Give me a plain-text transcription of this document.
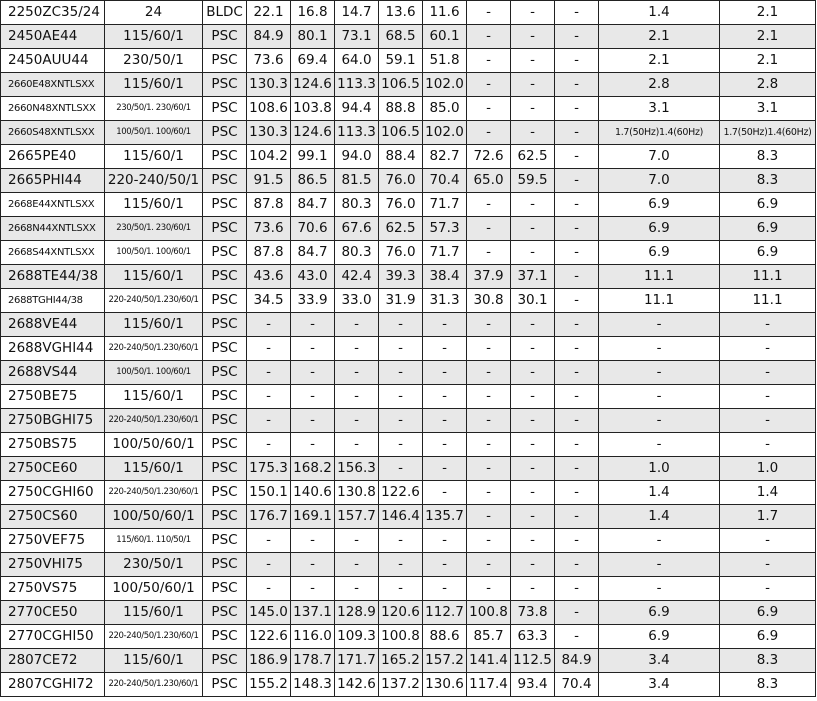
2250ZC35/24	24	BLDC	22.1	16.8	14.7	13.6	11.6	-	-	-	1.4	2.1
2450AE44	115/60/1	PSC	84.9	80.1	73.1	68.5	60.1	-	-	-	2.1	2.1
2450AUU44	230/50/1	PSC	73.6	69.4	64.0	59.1	51.8	-	-	-	2.1	2.1
2660E48XNTLSXX	115/60/1	PSC	130.3	124.6	113.3	106.5	102.0	-	-	-	2.8	2.8
2660N48XNTLSXX	230/50/1. 230/60/1	PSC	108.6	103.8	94.4	88.8	85.0	-	-	-	3.1	3.1
2660S48XNTLSXX	100/50/1. 100/60/1	PSC	130.3	124.6	113.3	106.5	102.0	-	-	-	1.7(50Hz)1.4(60Hz)	1.7(50Hz)1.4(60Hz)
2665PE40	115/60/1	PSC	104.2	99.1	94.0	88.4	82.7	72.6	62.5	-	7.0	8.3
2665PHI44	220-240/50/1	PSC	91.5	86.5	81.5	76.0	70.4	65.0	59.5	-	7.0	8.3
2668E44XNTLSXX	115/60/1	PSC	87.8	84.7	80.3	76.0	71.7	-	-	-	6.9	6.9
2668N44XNTLSXX	230/50/1. 230/60/1	PSC	73.6	70.6	67.6	62.5	57.3	-	-	-	6.9	6.9
2668S44XNTLSXX	100/50/1. 100/60/1	PSC	87.8	84.7	80.3	76.0	71.7	-	-	-	6.9	6.9
2688TE44/38	115/60/1	PSC	43.6	43.0	42.4	39.3	38.4	37.9	37.1	-	11.1	11.1
2688TGHI44/38	220-240/50/1.230/60/1	PSC	34.5	33.9	33.0	31.9	31.3	30.8	30.1	-	11.1	11.1
2688VE44	115/60/1	PSC	-	-	-	-	-	-	-	-	-	-
2688VGHI44	220-240/50/1.230/60/1	PSC	-	-	-	-	-	-	-	-	-	-
2688VS44	100/50/1. 100/60/1	PSC	-	-	-	-	-	-	-	-	-	-
2750BE75	115/60/1	PSC	-	-	-	-	-	-	-	-	-	-
2750BGHI75	220-240/50/1.230/60/1	PSC	-	-	-	-	-	-	-	-	-	-
2750BS75	100/50/60/1	PSC	-	-	-	-	-	-	-	-	-	-
2750CE60	115/60/1	PSC	175.3	168.2	156.3	-	-	-	-	-	1.0	1.0
2750CGHI60	220-240/50/1.230/60/1	PSC	150.1	140.6	130.8	122.6	-	-	-	-	1.4	1.4
2750CS60	100/50/60/1	PSC	176.7	169.1	157.7	146.4	135.7	-	-	-	1.4	1.7
2750VEF75	115/60/1. 110/50/1	PSC	-	-	-	-	-	-	-	-	-	-
2750VHI75	230/50/1	PSC	-	-	-	-	-	-	-	-	-	-
2750VS75	100/50/60/1	PSC	-	-	-	-	-	-	-	-	-	-
2770CE50	115/60/1	PSC	145.0	137.1	128.9	120.6	112.7	100.8	73.8	-	6.9	6.9
2770CGHI50	220-240/50/1.230/60/1	PSC	122.6	116.0	109.3	100.8	88.6	85.7	63.3	-	6.9	6.9
2807CE72	115/60/1	PSC	186.9	178.7	171.7	165.2	157.2	141.4	112.5	84.9	3.4	8.3
2807CGHI72	220-240/50/1.230/60/1	PSC	155.2	148.3	142.6	137.2	130.6	117.4	93.4	70.4	3.4	8.3
